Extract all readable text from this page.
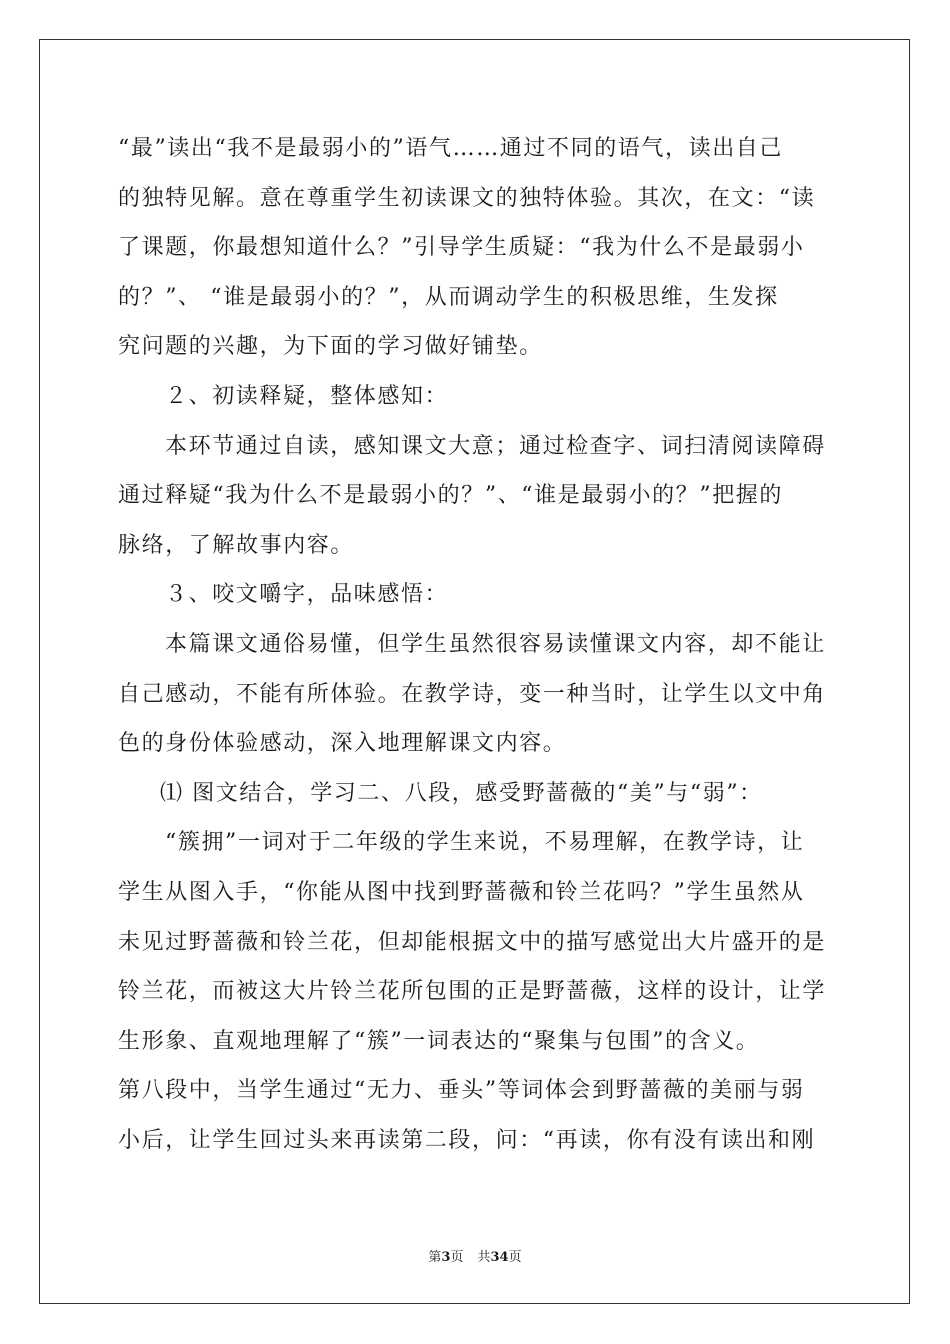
“最”读出“我不是最弱小的”语气……通过不同的语气，读出自己
的独特见解。意在尊重学生初读课文的独特体验。其次，在文：“读
了课题，你最想知道什么？”引导学生质疑：“我为什么不是最弱小
的？”、 “谁是最弱小的？”，从而调动学生的积极思维，生发探
究问题的兴趣，为下面的学习做好铺垫。
２、初读释疑，整体感知：
本环节通过自读，感知课文大意；通过检查字、词扫清阅读障碍
通过释疑“我为什么不是最弱小的？”、“谁是最弱小的？”把握的
脉络，了解故事内容。
３、咬文嚼字，品味感悟：
本篇课文通俗易懂，但学生虽然很容易读懂课文内容，却不能让
自己感动，不能有所体验。在教学诗，变一种当时，让学生以文中角
色的身份体验感动，深入地理解课文内容。
⑴ 图文结合，学习二、八段，感受野蔷薇的“美”与“弱”：
“簇拥”一词对于二年级的学生来说，不易理解，在教学诗，让
学生从图入手，“你能从图中找到野蔷薇和铃兰花吗？”学生虽然从
未见过野蔷薇和铃兰花，但却能根据文中的描写感觉出大片盛开的是
铃兰花，而被这大片铃兰花所包围的正是野蔷薇，这样的设计，让学
生形象、直观地理解了“簇”一词表达的“聚集与包围”的含义。
第八段中，当学生通过“无力、垂头”等词体会到野蔷薇的美丽与弱
小后，让学生回过头来再读第二段，问：“再读，你有没有读出和刚
第3页 共34页
